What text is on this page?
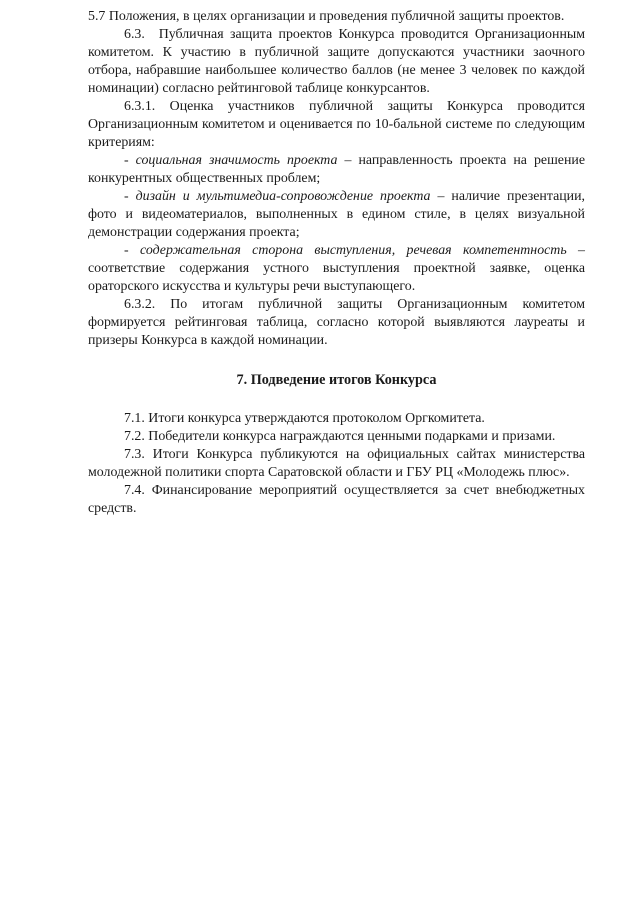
5.7 Положения, в целях организации и проведения публичной защиты проектов.

6.3. Публичная защита проектов Конкурса проводится Организационным комитетом. К участию в публичной защите допускаются участники заочного отбора, набравшие наибольшее количество баллов (не менее 3 человек по каждой номинации) согласно рейтинговой таблице конкурсантов.

6.3.1. Оценка участников публичной защиты Конкурса проводится Организационным комитетом и оценивается по 10-бальной системе по следующим критериям:

- социальная значимость проекта – направленность проекта на решение конкурентных общественных проблем;

- дизайн и мультимедиа-сопровождение проекта – наличие презентации, фото и видеоматериалов, выполненных в едином стиле, в целях визуальной демонстрации содержания проекта;

- содержательная сторона выступления, речевая компетентность – соответствие содержания устного выступления проектной заявке, оценка ораторского искусства и культуры речи выступающего.

6.3.2. По итогам публичной защиты Организационным комитетом формируется рейтинговая таблица, согласно которой выявляются лауреаты и призеры Конкурса в каждой номинации.

7. Подведение итогов Конкурса

7.1. Итоги конкурса утверждаются протоколом Оргкомитета.

7.2. Победители конкурса награждаются ценными подарками и призами.

7.3. Итоги Конкурса публикуются на официальных сайтах министерства молодежной политики спорта Саратовской области и ГБУ РЦ «Молодежь плюс».

7.4. Финансирование мероприятий осуществляется за счет внебюджетных средств.
